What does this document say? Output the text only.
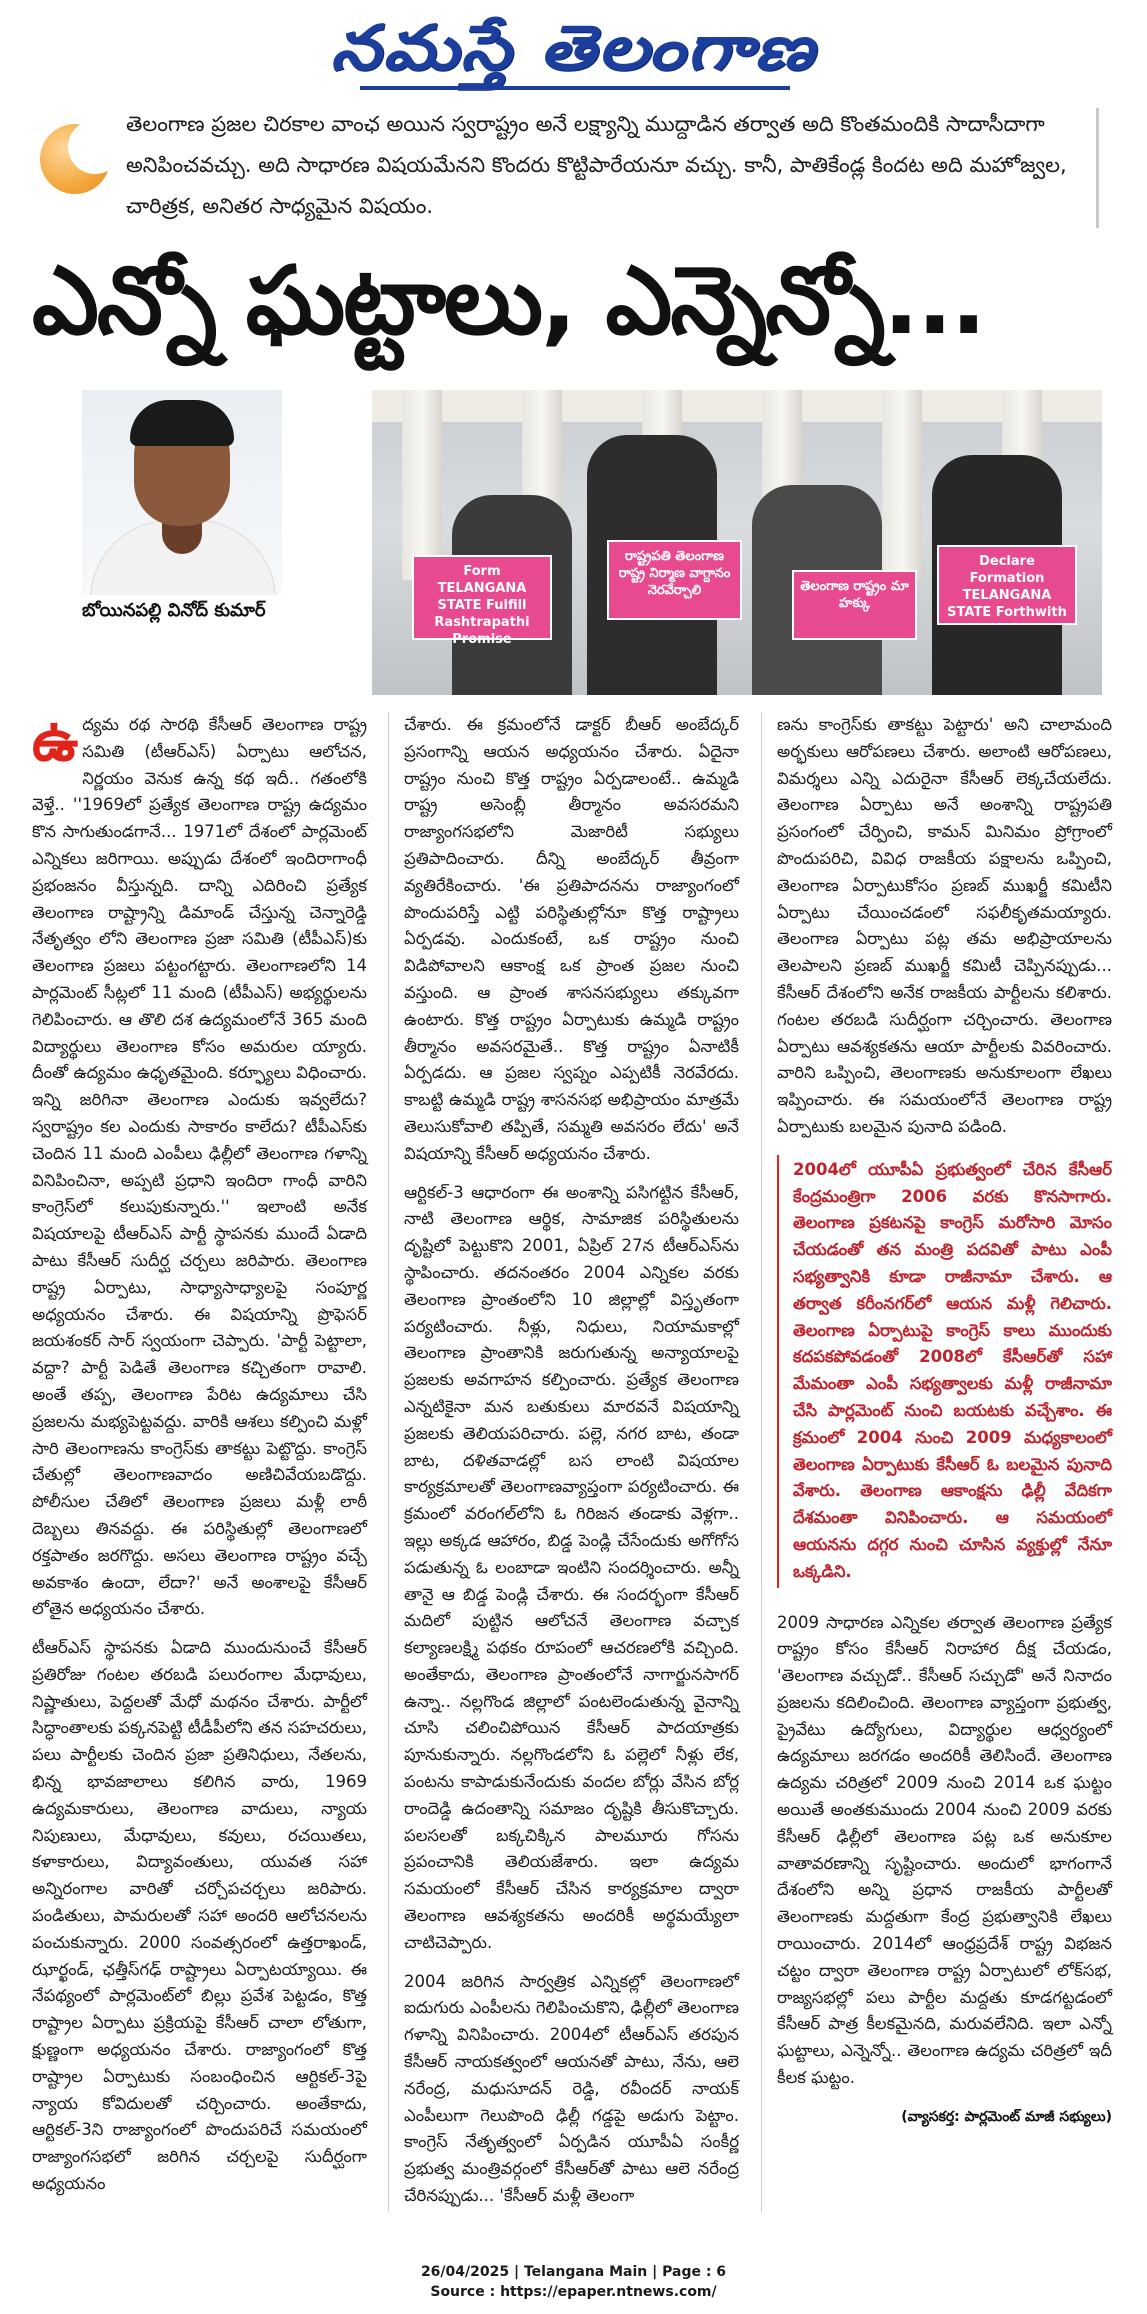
నమస్తే తెలంగాణ

తెలంగాణ ప్రజల చిరకాల వాంఛ అయిన స్వరాష్ట్రం అనే లక్ష్యాన్ని ముద్దాడిన తర్వాత అది కొంతమందికి సాదాసీదాగా అనిపించవచ్చు. అది సాధారణ విషయమేనని కొందరు కొట్టిపారేయనూ వచ్చు. కానీ, పాతికేండ్ల కిందట అది మహోజ్వల, చారిత్రక, అనితర సాధ్యమైన విషయం.

ఎన్నో ఘట్టాలు, ఎన్నెన్నో...
బోయినపల్లి వినోద్ కుమార్
Form TELANGANA STATE Fulfill Rashtrapathi Promise
రాష్ట్రపతి తెలంగాణ రాష్ట్ర నిర్మాణ వాగ్దానం నెరవేర్చాలి	తెలంగాణ రాష్ట్రం మా హక్కు
Declare Formation TELANGANA STATE Forthwith

ఉద్యమ రథ సారథి కేసీఆర్ తెలంగాణ రాష్ట్ర సమితి (టీఆర్ఎస్) ఏర్పాటు ఆలోచన, నిర్ణయం వెనుక ఉన్న కథ ఇదీ.. గతంలోకి వెళ్తే.. ''1969లో ప్రత్యేక తెలంగాణ రాష్ట్ర ఉద్యమం కొన సాగుతుండగానే... 1971లో దేశంలో పార్లమెంట్ ఎన్నికలు జరిగాయి. అప్పుడు దేశంలో ఇందిరాగాంధీ ప్రభంజనం వీస్తున్నది. దాన్ని ఎదిరించి ప్రత్యేక తెలంగాణ రాష్ట్రాన్ని డిమాండ్ చేస్తున్న చెన్నారెడ్డి నేతృత్వం లోని తెలంగాణ ప్రజా సమితి (టీపీఎస్)కు తెలంగాణ ప్రజలు పట్టంగట్టారు. తెలంగాణలోని 14 పార్లమెంట్ సీట్లలో 11 మంది (టీపీఎస్) అభ్యర్థులను గెలిపించారు. ఆ తొలి దశ ఉద్యమంలోనే 365 మంది విద్యార్థులు తెలంగాణ కోసం అమరుల య్యారు. దీంతో ఉద్యమం ఉధృతమైంది. కర్ఫ్యూలు విధించారు. ఇన్ని జరిగినా తెలంగాణ ఎందుకు ఇవ్వలేదు? స్వరాష్ట్రం కల ఎందుకు సాకారం కాలేదు? టీపీఎస్‌కు చెందిన 11 మంది ఎంపీలు ఢిల్లీలో తెలంగాణ గళాన్ని వినిపించినా, అప్పటి ప్రధాని ఇందిరా గాంధీ వారిని కాంగ్రెస్‌లో కలుపుకున్నారు.'' ఇలాంటి అనేక విషయాలపై టీఆర్ఎస్ పార్టీ స్థాపనకు ముందే ఏడాది పాటు కేసీఆర్ సుదీర్ఘ చర్చలు జరిపారు. తెలంగాణ రాష్ట్ర ఏర్పాటు, సాధ్యాసాధ్యాలపై సంపూర్ణ అధ్యయనం చేశారు. ఈ విషయాన్ని ప్రొఫెసర్ జయశంకర్ సార్ స్వయంగా చెప్పారు. 'పార్టీ పెట్టాలా, వద్దా? పార్టీ పెడితే తెలంగాణ కచ్చితంగా రావాలి. అంతే తప్ప, తెలంగాణ పేరిట ఉద్యమాలు చేసి ప్రజలను మభ్యపెట్టవద్దు. వారికి ఆశలు కల్పించి మళ్లో సారి తెలంగాణను కాంగ్రెస్‌కు తాకట్టు పెట్టొద్దు. కాంగ్రెస్ చేతుల్లో తెలంగాణవాదం అణిచివేయబడొద్దు. పోలీసుల చేతిలో తెలంగాణ ప్రజలు మళ్లీ లాఠీ దెబ్బలు తినవద్దు. ఈ పరిస్థితుల్లో తెలంగాణలో రక్తపాతం జరగొద్దు. అసలు తెలంగాణ రాష్ట్రం వచ్చే అవకాశం ఉందా, లేదా?' అనే అంశాలపై కేసీఆర్ లోతైన అధ్యయనం చేశారు.

టీఆర్ఎస్ స్థాపనకు ఏడాది ముందునుంచే కేసీఆర్ ప్రతిరోజు గంటల తరబడి పలురంగాల మేధావులు, నిష్ణాతులు, పెద్దలతో మేధో మథనం చేశారు. పార్టీలో సిద్ధాంతాలకు పక్కనపెట్టి టీడీపీలోని తన సహచరులు, పలు పార్టీలకు చెందిన ప్రజా ప్రతినిధులు, నేతలను, భిన్న భావజాలాలు కలిగిన వారు, 1969 ఉద్యమకారులు, తెలంగాణ వాదులు, న్యాయ నిపుణులు, మేధావులు, కవులు, రచయితలు, కళాకారులు, విద్యావంతులు, యువత సహా అన్నిరంగాల వారితో చర్చోపచర్చలు జరిపారు. పండితులు, పామరులతో సహా అందరి ఆలోచనలను పంచుకున్నారు. 2000 సంవత్సరంలో ఉత్తరాఖండ్, ఝార్ఖండ్, ఛత్తీస్‌గఢ్ రాష్ట్రాలు ఏర్పాటయ్యాయి. ఈ నేపథ్యంలో పార్లమెంట్‌లో బిల్లు ప్రవేశ పెట్టడం, కొత్త రాష్ట్రాల ఏర్పాటు ప్రక్రియపై కేసీఆర్ చాలా లోతుగా, క్షుణ్ణంగా అధ్యయనం చేశారు. రాజ్యాంగంలో కొత్త రాష్ట్రాల ఏర్పాటుకు సంబంధించిన ఆర్టికల్-3పై న్యాయ కోవిదులతో చర్చించారు. అంతేకాదు, ఆర్టికల్-3ని రాజ్యాంగంలో పొందుపరిచే సమయంలో రాజ్యాంగసభలో జరిగిన చర్చలపై సుదీర్ఘంగా అధ్యయనం

చేశారు. ఈ క్రమంలోనే డాక్టర్ బీఆర్ అంబేద్కర్ ప్రసంగాన్ని ఆయన అధ్యయనం చేశారు. ఏదైనా రాష్ట్రం నుంచి కొత్త రాష్ట్రం ఏర్పడాలంటే.. ఉమ్మడి రాష్ట్ర అసెంబ్లీ తీర్మానం అవసరమని రాజ్యాంగసభలోని మెజారిటీ సభ్యులు ప్రతిపాదించారు. దీన్ని అంబేద్కర్ తీవ్రంగా వ్యతిరేకించారు. 'ఈ ప్రతిపాదనను రాజ్యాంగంలో పొందుపరిస్తే ఎట్టి పరిస్థితుల్లోనూ కొత్త రాష్ట్రాలు ఏర్పడవు. ఎందుకంటే, ఒక రాష్ట్రం నుంచి విడిపోవాలని ఆకాంక్ష ఒక ప్రాంత ప్రజల నుంచి వస్తుంది. ఆ ప్రాంత శాసనసభ్యులు తక్కువగా ఉంటారు. కొత్త రాష్ట్రం ఏర్పాటుకు ఉమ్మడి రాష్ట్రం తీర్మానం అవసరమైతే.. కొత్త రాష్ట్రం ఏనాటికీ ఏర్పడదు. ఆ ప్రజల స్వప్నం ఎప్పటికీ నెరవేరదు. కాబట్టి ఉమ్మడి రాష్ట్ర శాసనసభ అభిప్రాయం మాత్రమే తెలుసుకోవాలి తప్పితే, సమ్మతి అవసరం లేదు' అనే విషయాన్ని కేసీఆర్ అధ్యయనం చేశారు.

ఆర్టికల్-3 ఆధారంగా ఈ అంశాన్ని పసిగట్టిన కేసీఆర్, నాటి తెలంగాణ ఆర్థిక, సామాజిక పరిస్థితులను దృష్టిలో పెట్టుకొని 2001, ఏప్రిల్ 27న టీఆర్ఎస్‌ను స్థాపించారు. తదనంతరం 2004 ఎన్నికల వరకు తెలంగాణ ప్రాంతంలోని 10 జిల్లాల్లో విస్తృతంగా పర్యటించారు. నీళ్లు, నిధులు, నియామకాల్లో తెలంగాణ ప్రాంతానికి జరుగుతున్న అన్యాయాలపై ప్రజలకు అవగాహన కల్పించారు. ప్రత్యేక తెలంగాణ ఎన్నటికైనా మన బతుకులు మారవనే విషయాన్ని ప్రజలకు తెలియపరిచారు. పల్లె, నగర బాట, తండా బాట, దళితవాడల్లో బస లాంటి విషయాల కార్యక్రమాలతో తెలంగాణవ్యాప్తంగా పర్యటించారు. ఈ క్రమంలో వరంగల్‌లోని ఓ గిరిజన తండాకు వెళ్లగా.. ఇల్లు అక్కడ ఆహారం, బిడ్డ పెండ్లి చేసేందుకు అగోగోస పడుతున్న ఓ లంబాడా ఇంటిని సందర్శించారు. అన్నీ తానై ఆ బిడ్డ పెండ్లి చేశారు. ఈ సందర్భంగా కేసీఆర్ మదిలో పుట్టిన ఆలోచనే తెలంగాణ వచ్చాక కల్యాణలక్ష్మి పథకం రూపంలో ఆచరణలోకి వచ్చింది. అంతేకాదు, తెలంగాణ ప్రాంతంలోనే నాగార్జునసాగర్ ఉన్నా.. నల్లగొండ జిల్లాలో పంటలెండుతున్న వైనాన్ని చూసి చలించిపోయిన కేసీఆర్ పాదయాత్రకు పూనుకున్నారు. నల్లగొండలోని ఓ పల్లెలో నీళ్లు లేక, పంటను కాపాడుకునేందుకు వందల బోర్లు వేసిన బోర్ల రాందెడ్డి ఉదంతాన్ని సమాజం దృష్టికి తీసుకొచ్చారు. పలసలతో బక్కచిక్కిన పాలమూరు గోసను ప్రపంచానికి తెలియజేశారు. ఇలా ఉద్యమ సమయంలో కేసీఆర్ చేసిన కార్యక్రమాల ద్వారా తెలంగాణ ఆవశ్యకతను అందరికీ అర్థమయ్యేలా చాటిచెప్పారు.

2004 జరిగిన సార్వత్రిక ఎన్నికల్లో తెలంగాణలో ఐదుగురు ఎంపీలను గెలిపించుకొని, ఢిల్లీలో తెలంగాణ గళాన్ని వినిపించారు. 2004లో టీఆర్ఎస్ తరపున కేసీఆర్ నాయకత్వంలో ఆయనతో పాటు, నేను, ఆలె నరేంద్ర, మధుసూదన్ రెడ్డి, రవీందర్ నాయక్ ఎంపీలుగా గెలుపొంది ఢిల్లీ గడ్డపై అడుగు పెట్టాం. కాంగ్రెస్ నేతృత్వంలో ఏర్పడిన యూపీఏ సంకీర్ణ ప్రభుత్వ మంత్రివర్గంలో కేసీఆర్‌తో పాటు ఆలె నరేంద్ర చేరినప్పుడు... 'కేసీఆర్ మళ్లీ తెలంగా

ణను కాంగ్రెస్‌కు తాకట్టు పెట్టారు' అని చాలామంది అర్భకులు ఆరోపణలు చేశారు. అలాంటి ఆరోపణలు, విమర్శలు ఎన్ని ఎదురైనా కేసీఆర్ లెక్కచేయలేదు. తెలంగాణ ఏర్పాటు అనే అంశాన్ని రాష్ట్రపతి ప్రసంగంలో చేర్పించి, కామన్ మినిమం ప్రోగ్రాంలో పొందుపరిచి, వివిధ రాజకీయ పక్షాలను ఒప్పించి, తెలంగాణ ఏర్పాటుకోసం ప్రణబ్ ముఖర్జీ కమిటీని ఏర్పాటు చేయించడంలో సఫలీకృతమయ్యారు. తెలంగాణ ఏర్పాటు పట్ల తమ అభిప్రాయాలను తెలపాలని ప్రణబ్ ముఖర్జీ కమిటీ చెప్పినప్పుడు... కేసీఆర్ దేశంలోని అనేక రాజకీయ పార్టీలను కలిశారు. గంటల తరబడి సుదీర్ఘంగా చర్చించారు. తెలంగాణ ఏర్పాటు ఆవశ్యకతను ఆయా పార్టీలకు వివరించారు. వారిని ఒప్పించి, తెలంగాణకు అనుకూలంగా లేఖలు ఇప్పించారు. ఈ సమయంలోనే తెలంగాణ రాష్ట్ర ఏర్పాటుకు బలమైన పునాది పడింది.

2004లో యూపీఏ ప్రభుత్వంలో చేరిన కేసీఆర్ కేంద్రమంత్రిగా 2006 వరకు కొనసాగారు. తెలంగాణ ప్రకటనపై కాంగ్రెస్ మరోసారి మోసం చేయడంతో తన మంత్రి పదవితో పాటు ఎంపీ సభ్యత్వానికి కూడా రాజీనామా చేశారు. ఆ తర్వాత కరీంనగర్‌లో ఆయన మళ్లీ గెలిచారు. తెలంగాణ ఏర్పాటుపై కాంగ్రెస్ కాలు ముందుకు కదపకపోవడంతో 2008లో కేసీఆర్‌తో సహా మేమంతా ఎంపీ సభ్యత్వాలకు మళ్లీ రాజీనామా చేసి పార్లమెంట్ నుంచి బయటకు వచ్చేశాం. ఈ క్రమంలో 2004 నుంచి 2009 మధ్యకాలంలో తెలంగాణ ఏర్పాటుకు కేసీఆర్ ఓ బలమైన పునాది వేశారు. తెలంగాణ ఆకాంక్షను ఢిల్లీ వేదికగా దేశమంతా వినిపించారు. ఆ సమయంలో ఆయనను దగ్గర నుంచి చూసిన వ్యక్తుల్లో నేనూ ఒక్కడిని.

2009 సాధారణ ఎన్నికల తర్వాత తెలంగాణ ప్రత్యేక రాష్ట్రం కోసం కేసీఆర్ నిరాహార దీక్ష చేయడం, 'తెలంగాణ వచ్చుడో.. కేసీఆర్ సచ్చుడో' అనే నినాదం ప్రజలను కదిలించింది. తెలంగాణ వ్యాప్తంగా ప్రభుత్వ, ప్రైవేటు ఉద్యోగులు, విద్యార్థుల ఆధ్వర్యంలో ఉద్యమాలు జరగడం అందరికీ తెలిసిందే. తెలంగాణ ఉద్యమ చరిత్రలో 2009 నుంచి 2014 ఒక ఘట్టం అయితే అంతకుముందు 2004 నుంచి 2009 వరకు కేసీఆర్ ఢిల్లీలో తెలంగాణ పట్ల ఒక అనుకూల వాతావరణాన్ని సృష్టించారు. అందులో భాగంగానే దేశంలోని అన్ని ప్రధాన రాజకీయ పార్టీలతో తెలంగాణకు మద్దతుగా కేంద్ర ప్రభుత్వానికి లేఖలు రాయించారు. 2014లో ఆంధ్రప్రదేశ్ రాష్ట్ర విభజన చట్టం ద్వారా తెలంగాణ రాష్ట్ర ఏర్పాటులో లోక్‌సభ, రాజ్యసభల్లో పలు పార్టీల మద్దతు కూడగట్టడంలో కేసీఆర్ పాత్ర కీలకమైనది, మరువలేనిది. ఇలా ఎన్నో ఘట్టాలు, ఎన్నెన్నో.. తెలంగాణ ఉద్యమ చరిత్రలో ఇదీ కీలక ఘట్టం.

(వ్యాసకర్త: పార్లమెంట్ మాజీ సభ్యులు)
26/04/2025 | Telangana Main | Page : 6
Source : https://epaper.ntnews.com/
